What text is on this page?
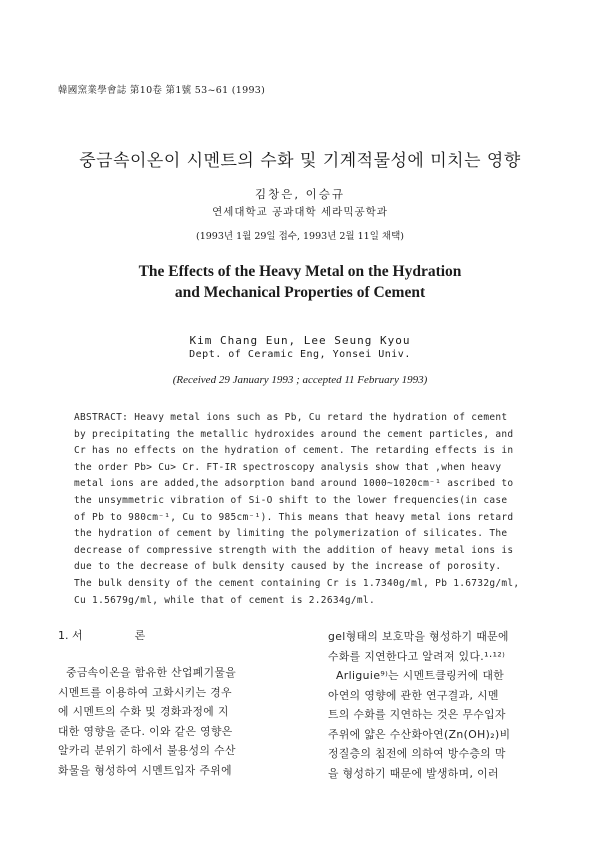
韓國窯業學會誌 第10卷 第1號 53~61 (1993)
중금속이온이 시멘트의 수화 및 기계적물성에 미치는 영향
김창은, 이승규
연세대학교 공과대학 세라믹공학과
(1993년 1월 29일 접수, 1993년 2월 11일 채택)
The Effects of the Heavy Metal on the Hydration
and Mechanical Properties of Cement
Kim Chang Eun, Lee Seung Kyou
Dept. of Ceramic Eng, Yonsei Univ.
(Received 29 January 1993 ; accepted 11 February 1993)
ABSTRACT: Heavy metal ions such as Pb, Cu retard the hydration of cement
by precipitating the metallic hydroxides around the cement particles, and
Cr has no effects on the hydration of cement. The retarding effects is in
the order Pb> Cu> Cr. FT-IR spectroscopy analysis show that ,when heavy
metal ions are added,the adsorption band around 1000~1020cm⁻¹ ascribed to
the unsymmetric vibration of Si-O shift to the lower frequencies(in case
of Pb to 980cm⁻¹, Cu to 985cm⁻¹). This means that heavy metal ions retard
the hydration of cement by limiting the polymerization of silicates. The
decrease of compressive strength with the addition of heavy metal ions is
due to the decrease of bulk density caused by the increase of porosity.
The bulk density of the cement containing Cr is 1.7340g/ml, Pb 1.6732g/ml,
Cu 1.5679g/ml, while that of cement is 2.2634g/ml.
1. 서	론
중금속이온을 함유한 산업폐기물을
시멘트를 이용하여 고화시키는 경우
에 시멘트의 수화 및 경화과정에 지
대한 영향을 준다. 이와 같은 영향은
알카리 분위기 하에서 불용성의 수산
화물을 형성하여 시멘트입자 주위에
gel형태의 보호막을 형성하기 때문에
수화를 지연한다고 알려져 있다.¹·¹²⁾
Arliguie⁹⁾는 시멘트클링커에 대한
아연의 영향에 관한 연구결과, 시멘
트의 수화를 지연하는 것은 무수입자
주위에 얇은 수산화아연(Zn(OH)₂)비
정질층의 침전에 의하여 방수층의 막
을 형성하기 때문에 발생하며, 이러
